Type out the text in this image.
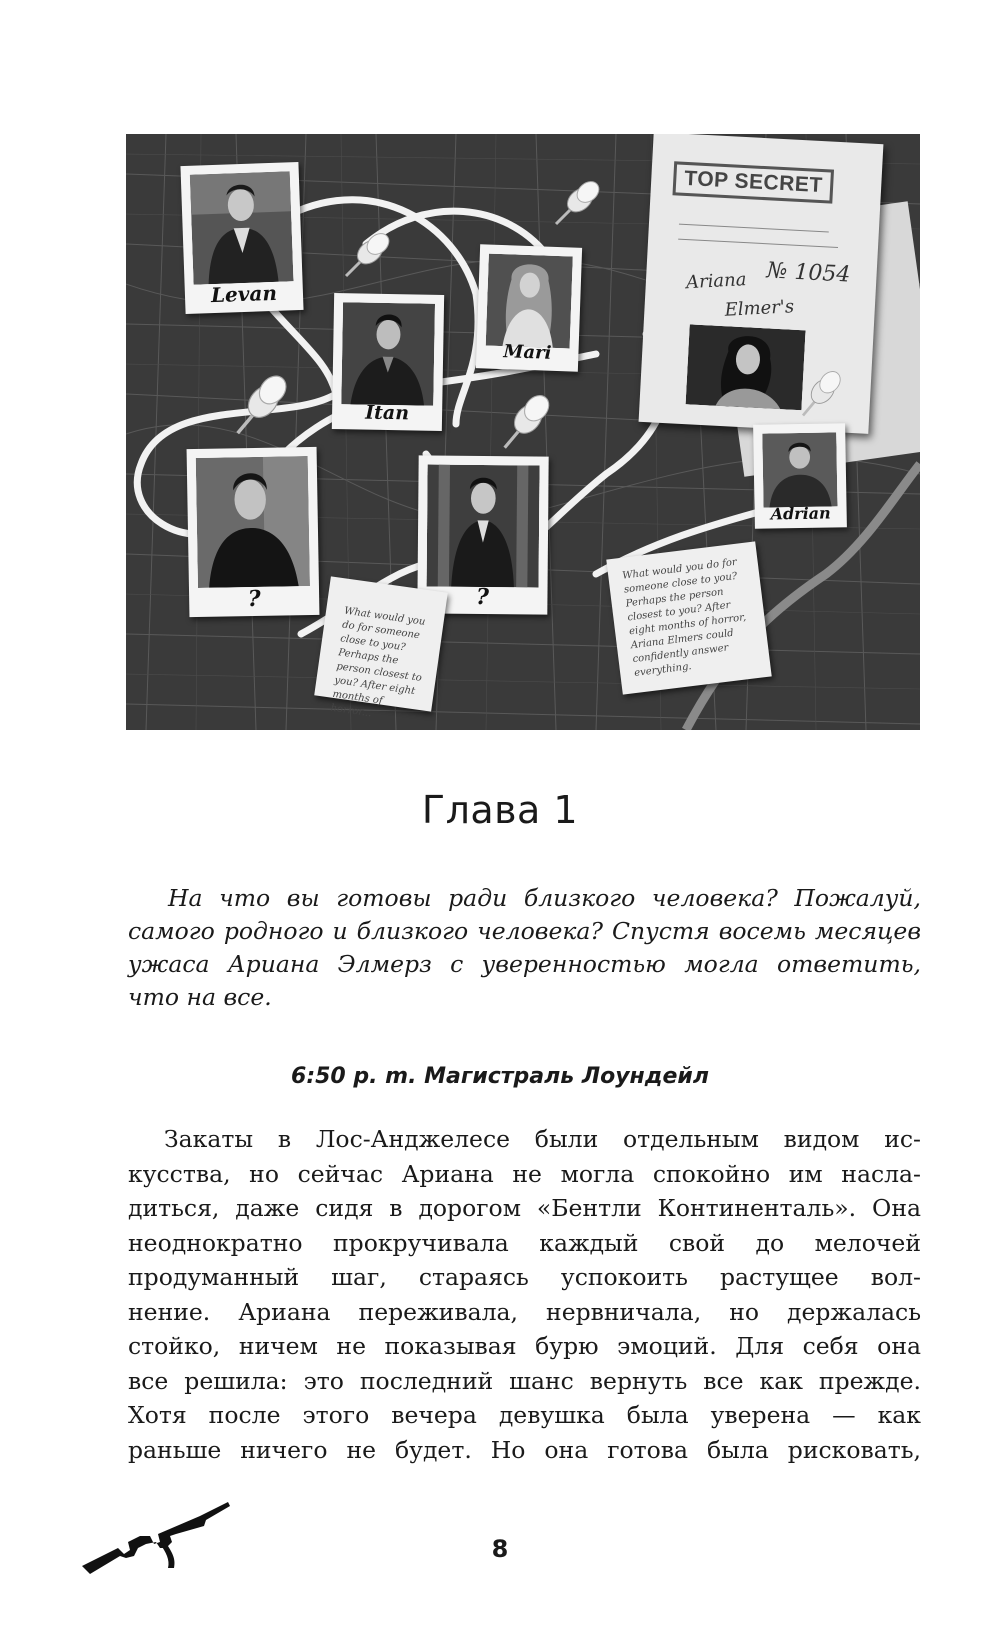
TOP SECRET
№ 1054
Ariana
Elmer's
Levan
Itan
Mari
?	?
Adrian
What would you do for someone close to you? Perhaps the person closest to you? After eight months of horror...
What would you do for someone close to you? Perhaps the person closest to you? After eight months of horror, Ariana Elmers could confidently answer everything.
Глава 1
На что вы готовы ради близкого человека? Пожалуй,
самого родного и близкого человека? Спустя восемь месяцев
ужаса Ариана Элмерз с уверенностью могла ответить,
что на все.
6:50 p. m. Магистраль Лоундейл
Закаты в Лос-Анджелесе были отдельным видом ис-
кусства, но сейчас Ариана не могла спокойно им насла-
диться, даже сидя в дорогом «Бентли Континенталь». Она
неоднократно прокручивала каждый свой до мелочей
продуманный шаг, стараясь успокоить растущее вол-
нение. Ариана переживала, нервничала, но держалась
стойко, ничем не показывая бурю эмоций. Для себя она
все решила: это последний шанс вернуть все как прежде.
Хотя после этого вечера девушка была уверена — как
раньше ничего не будет. Но она готова была рисковать,
8
